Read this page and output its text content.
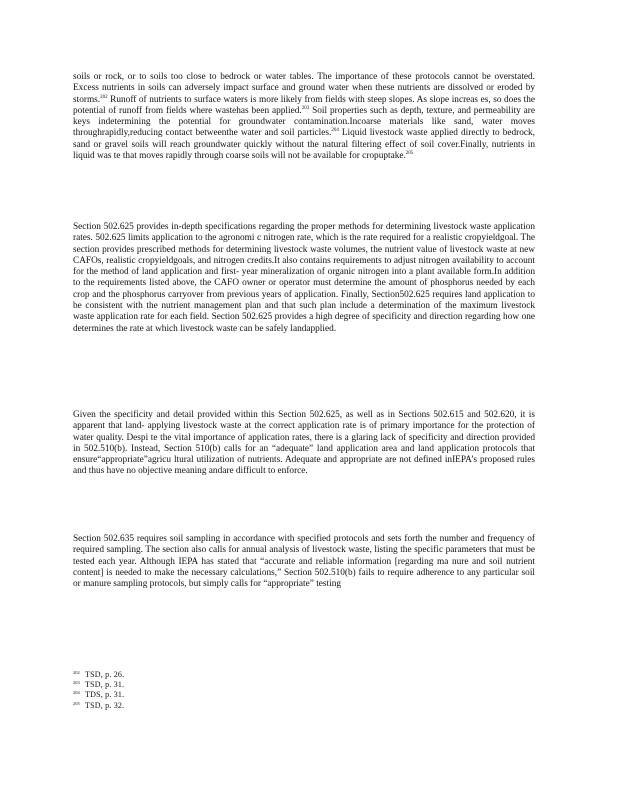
soils or rock, or to soils too close to bedrock or water tables. The importance of these protocols cannot be overstated. Excess nutrients in soils can adversely impact surface and ground water when these nutrients are dissolved or eroded by storms.$^{202}$ Runoff of nutrients to surface waters is more likely from fields with steep slopes. As slope increas es, so does the potential of runoff from fields where wastehas been applied.$^{203}$ Soil properties such as depth, texture, and permeability are keys indetermining the potential for groundwater contamination.Incoarse materials like sand, water moves throughrapidly,reducing contact betweenthe water and soil particles.$^{204}$ Liquid livestock waste applied directly to bedrock, sand or gravel soils will reach groundwater quickly without the natural filtering effect of soil cover.Finally, nutrients in liquid was te that moves rapidly through coarse soils will not be available for cropuptake.$^{205}$

Section 502.625 provides in-depth specifications regarding the proper methods for determining livestock waste application rates. 502.625 limits application to the agronomi c nitrogen rate, which is the rate required for a realistic cropyieldgoal. The section provides prescribed methods for determining livestock waste volumes, the nutrient value of livestock waste at new CAFOs, realistic cropyieldgoals, and nitrogen credits.It also contains requirements to adjust nitrogen availability to account for the method of land application and first- year mineralization of organic nitrogen into a plant available form.In addition to the requirements listed above, the CAFO owner or operator must determine the amount of phosphorus needed by each crop and the phosphorus carryover from previous years of application. Finally, Section502.625 requires land application to be consistent with the nutrient management plan and that such plan include a determination of the maximum livestock waste application rate for each field. Section 502.625 provides a high degree of specificity and direction regarding how one determines the rate at which livestock waste can be safely landapplied.

Given the specificity and detail provided within this Section 502.625, as well as in Sections 502.615 and 502.620, it is apparent that land- applying livestock waste at the correct application rate is of primary importance for the protection of water quality. Despi te the vital importance of application rates, there is a glaring lack of specificity and direction provided in 502.510(b). Instead, Section 510(b) calls for an “adequate” land application area and land application protocols that ensure“appropriate”agricu ltural utilization of nutrients. Adequate and appropriate are not defined inIEPA’s proposed rules and thus have no objective meaning andare difficult to enforce.

Section 502.635 requires soil sampling in accordance with specified protocols and sets forth the number and frequency of required sampling. The section also calls for annual analysis of livestock waste, listing the specific parameters that must be tested each year. Although IEPA has stated that “accurate and reliable information [regarding ma nure and soil nutrient content] is needed to make the necessary calculations,” Section 502.510(b) fails to require adherence to any particular soil or manure sampling protocols, but simply calls for “appropriate” testing

202 TSD, p. 26.
203 TSD, p. 31.
204 TDS, p. 31.
205 TSD, p. 32.
